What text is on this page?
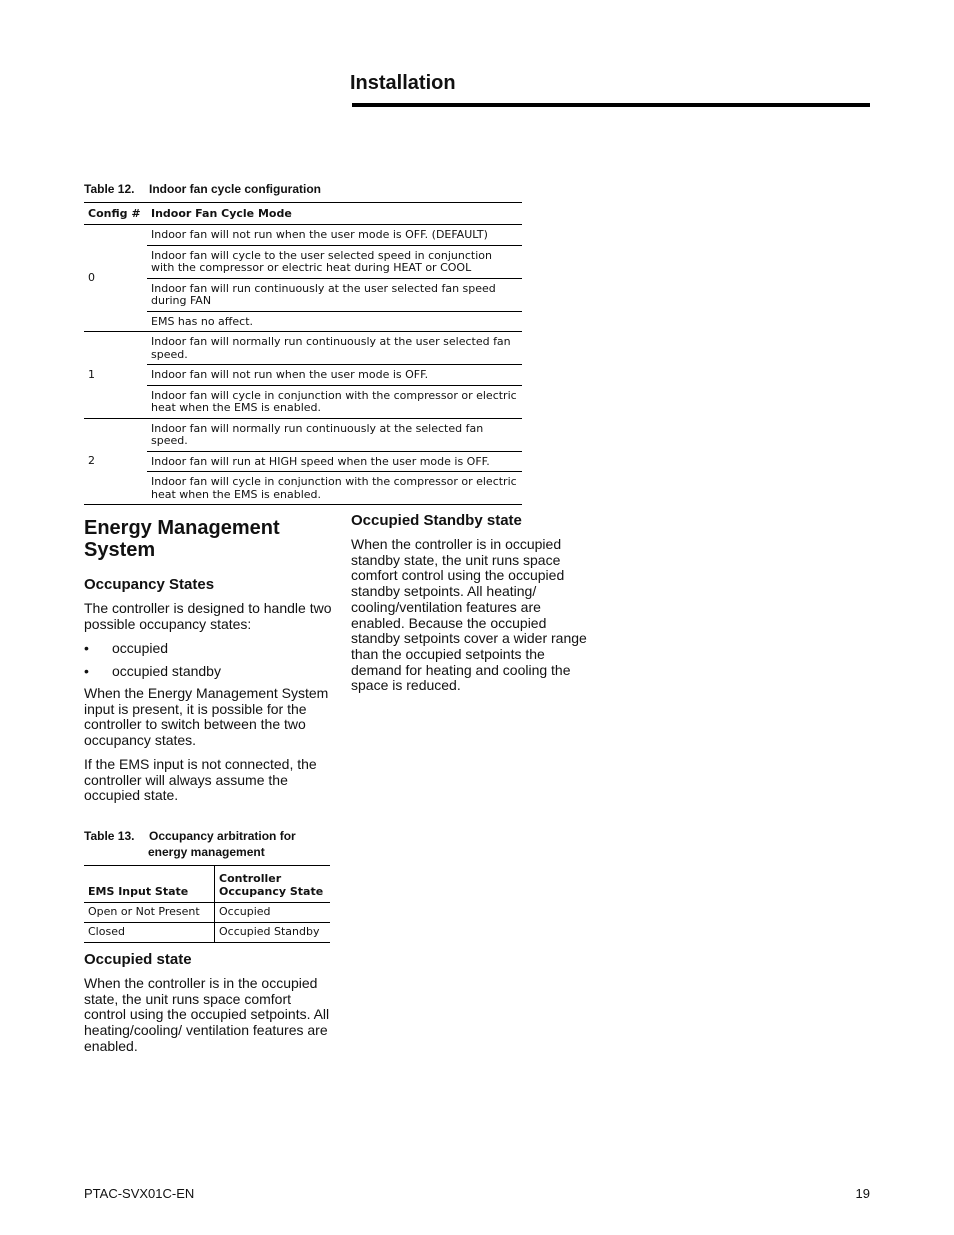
Installation
Table 12. Indoor fan cycle configuration
Config #	Indoor Fan Cycle Mode
0	Indoor fan will not run when the user mode is OFF. (DEFAULT)
	Indoor fan will cycle to the user selected speed in conjunction with the compressor or electric heat during HEAT or COOL
	Indoor fan will run continuously at the user selected fan speed during FAN
	EMS has no affect.
1	Indoor fan will normally run continuously at the user selected fan speed.
	Indoor fan will not run when the user mode is OFF.
	Indoor fan will cycle in conjunction with the compressor or electric heat when the EMS is enabled.
2	Indoor fan will normally run continuously at the selected fan speed.
	Indoor fan will run at HIGH speed when the user mode is OFF.
	Indoor fan will cycle in conjunction with the compressor or electric heat when the EMS is enabled.
Energy Management System
Occupancy States
The controller is designed to handle two possible occupancy states:
• occupied
• occupied standby
When the Energy Management System input is present, it is possible for the controller to switch between the two occupancy states.
If the EMS input is not connected, the controller will always assume the occupied state.
Table 13. Occupancy arbitration for
energy management
EMS Input State	Controller Occupancy State
Open or Not Present	Occupied
Closed	Occupied Standby
Occupied state
When the controller is in the occupied state, the unit runs space comfort control using the occupied setpoints. All heating/cooling/ ventilation features are enabled.
Occupied Standby state
When the controller is in occupied standby state, the unit runs space comfort control using the occupied standby setpoints. All heating/ cooling/ventilation features are enabled. Because the occupied standby setpoints cover a wider range than the occupied setpoints the demand for heating and cooling the space is reduced.
PTAC-SVX01C-EN	19
